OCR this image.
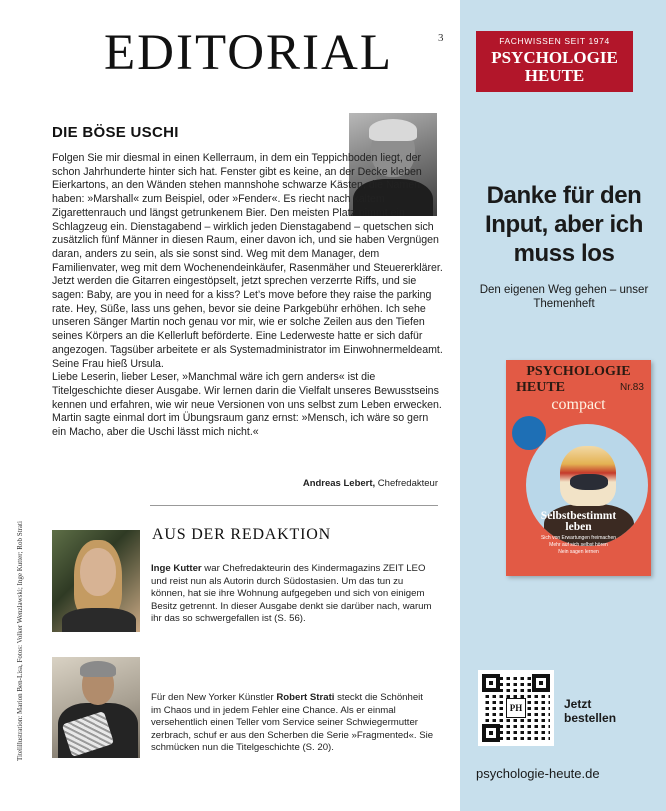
EDITORIAL	3
DIE BÖSE USCHI

Folgen Sie mir diesmal in einen Kellerraum, in dem ein Teppichboden liegt, der schon Jahrhunderte hinter sich hat. Fenster gibt es keine, an der Decke kleben Eierkartons, an den Wänden stehen mannshohe schwarze Kästen, die Namen haben: »Marshall« zum Beispiel, oder »Fender«. Es riecht nach kaltem Zigarettenrauch und längst getrunkenem Bier. Den meisten Platz nimmt ein Schlagzeug ein. Dienstagabend – wirklich jeden Dienstagabend – quetschen sich zusätzlich fünf Männer in diesen Raum, einer davon ich, und sie haben Vergnügen daran, anders zu sein, als sie sonst sind. Weg mit dem Manager, dem Familienvater, weg mit dem Wochenendeinkäufer, Rasenmäher und Steuererklärer. Jetzt werden die Gitarren eingestöpselt, jetzt sprechen verzerrte Riffs, und sie sagen: Baby, are you in need for a kiss? Let’s move before they raise the parking rate. Hey, Süße, lass uns gehen, bevor sie deine Parkgebühr erhöhen. Ich sehe unseren Sänger Martin noch genau vor mir, wie er solche Zeilen aus den Tiefen seines Körpers an die Kellerluft beförderte. Eine Lederweste hatte er sich dafür angezogen. Tagsüber arbeitete er als Systemadministrator im Einwohnermeldeamt. Seine Frau hieß Ursula.

Liebe Leserin, lieber Leser, »Manchmal wäre ich gern anders« ist die Titelgeschichte dieser Ausgabe. Wir lernen darin die Vielfalt unseres Bewusstseins kennen und erfahren, wie wir neue Versionen von uns selbst zum Leben erwecken. Martin sagte einmal dort im Übungsraum ganz ernst: »Mensch, ich wäre so gern ein Macho, aber die Uschi lässt mich nicht.«

Andreas Lebert, Chefredakteur
AUS DER REDAKTION
Inge Kutter war Chefredakteurin des Kindermagazins ZEIT LEO und reist nun als Autorin durch Südostasien. Um das tun zu können, hat sie ihre Wohnung aufgegeben und sich von einigem Besitz getrennt. In dieser Ausgabe denkt sie darüber nach, warum ihr das so schwergefallen ist (S. 56).
Für den New Yorker Künstler Robert Strati steckt die Schönheit im Chaos und in jedem Fehler eine Chance. Als er einmal versehentlich einen Teller vom Service seiner Schwiegermutter zerbrach, schuf er aus den Scherben die Serie »Fragmented«. Sie schmücken nun die Titelgeschichte (S. 20).
Titelillustration: Marion Ben-Lisa, Fotos: Volker Wenzlawski; Inge Kutter; Rob Strati
FACHWISSEN SEIT 1974
PSYCHOLOGIE
HEUTE
Danke für den Input, aber ich muss los
Den eigenen Weg gehen – unser Themenheft
PSYCHOLOGIE
HEUTE	Nr.83
compact
Selbstbestimmt
leben
Sich von Erwartungen freimachen
Mehr auf sich selbst hören
Nein sagen lernen
PH	Jetzt bestellen
psychologie-heute.de
